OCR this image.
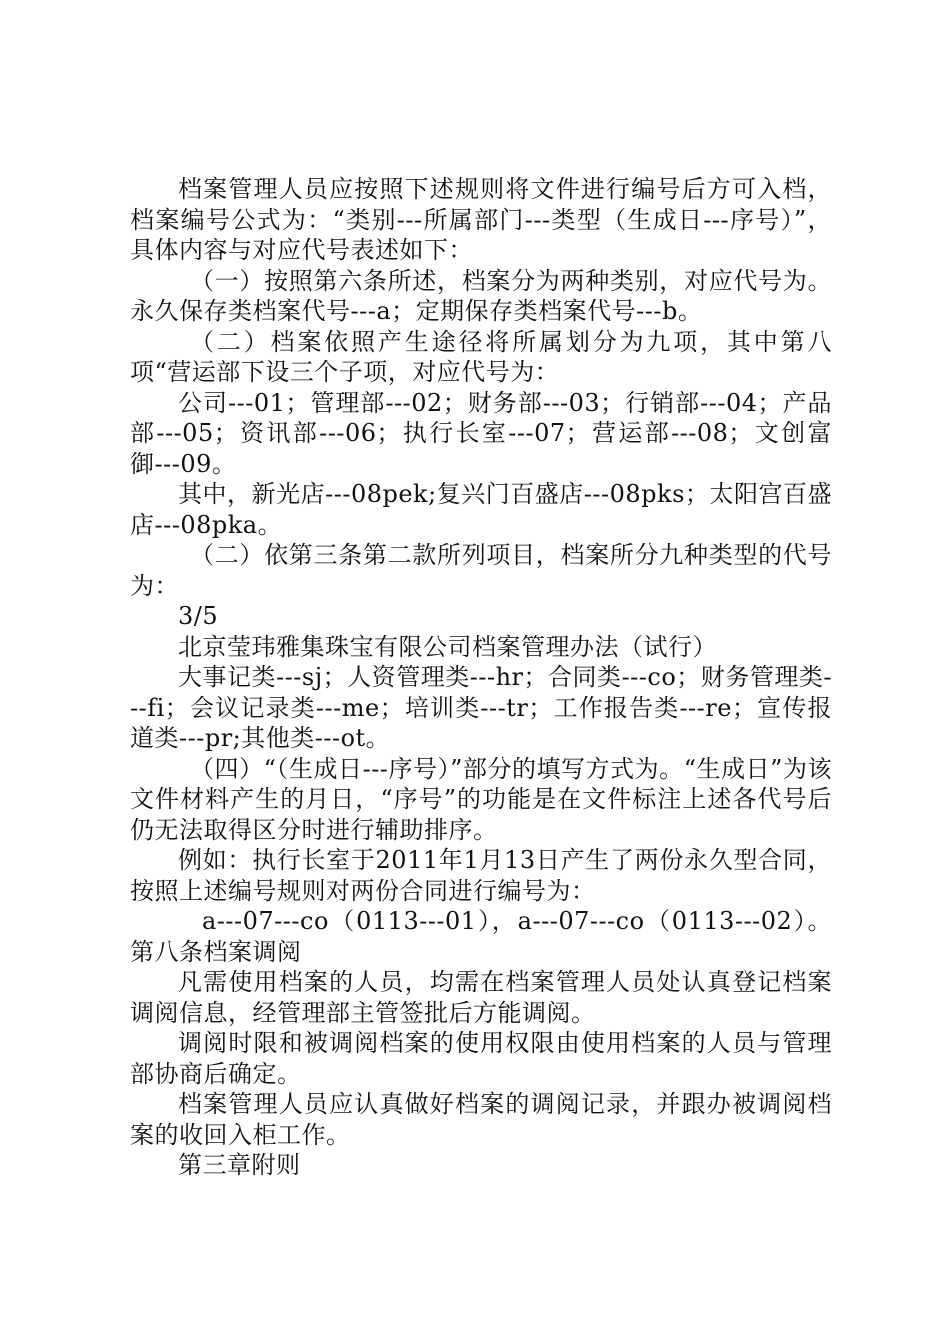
档案管理人员应按照下述规则将文件进行编号后方可入档，档案编号公式为：“类别---所属部门---类型（生成日---序号）”，具体内容与对应代号表述如下：

（一）按照第六条所述，档案分为两种类别，对应代号为。永久保存类档案代号---a；定期保存类档案代号---b。

（二）档案依照产生途径将所属划分为九项，其中第八项“营运部下设三个子项，对应代号为：

公司---01；管理部---02；财务部---03；行销部---04；产品部---05；资讯部---06；执行长室---07；营运部---08；文创富御---09。

其中，新光店---08pek;复兴门百盛店---08pks；太阳宫百盛店---08pka。

（二）依第三条第二款所列项目，档案所分九种类型的代号为：

3/5

北京莹玮雅集珠宝有限公司档案管理办法（试行）

大事记类---sj；人资管理类---hr；合同类---co；财务管理类---fi；会议记录类---me；培训类---tr；工作报告类---re；宣传报道类---pr;其他类---ot。

（四）“（生成日---序号）”部分的填写方式为。“生成日”为该文件材料产生的月日，“序号”的功能是在文件标注上述各代号后仍无法取得区分时进行辅助排序。

例如：执行长室于2011年1月13日产生了两份永久型合同，按照上述编号规则对两份合同进行编号为：

a---07---co（0113---01），a---07---co（0113---02）。第八条档案调阅

凡需使用档案的人员，均需在档案管理人员处认真登记档案调阅信息，经管理部主管签批后方能调阅。

调阅时限和被调阅档案的使用权限由使用档案的人员与管理部协商后确定。

档案管理人员应认真做好档案的调阅记录，并跟办被调阅档案的收回入柜工作。

第三章附则
